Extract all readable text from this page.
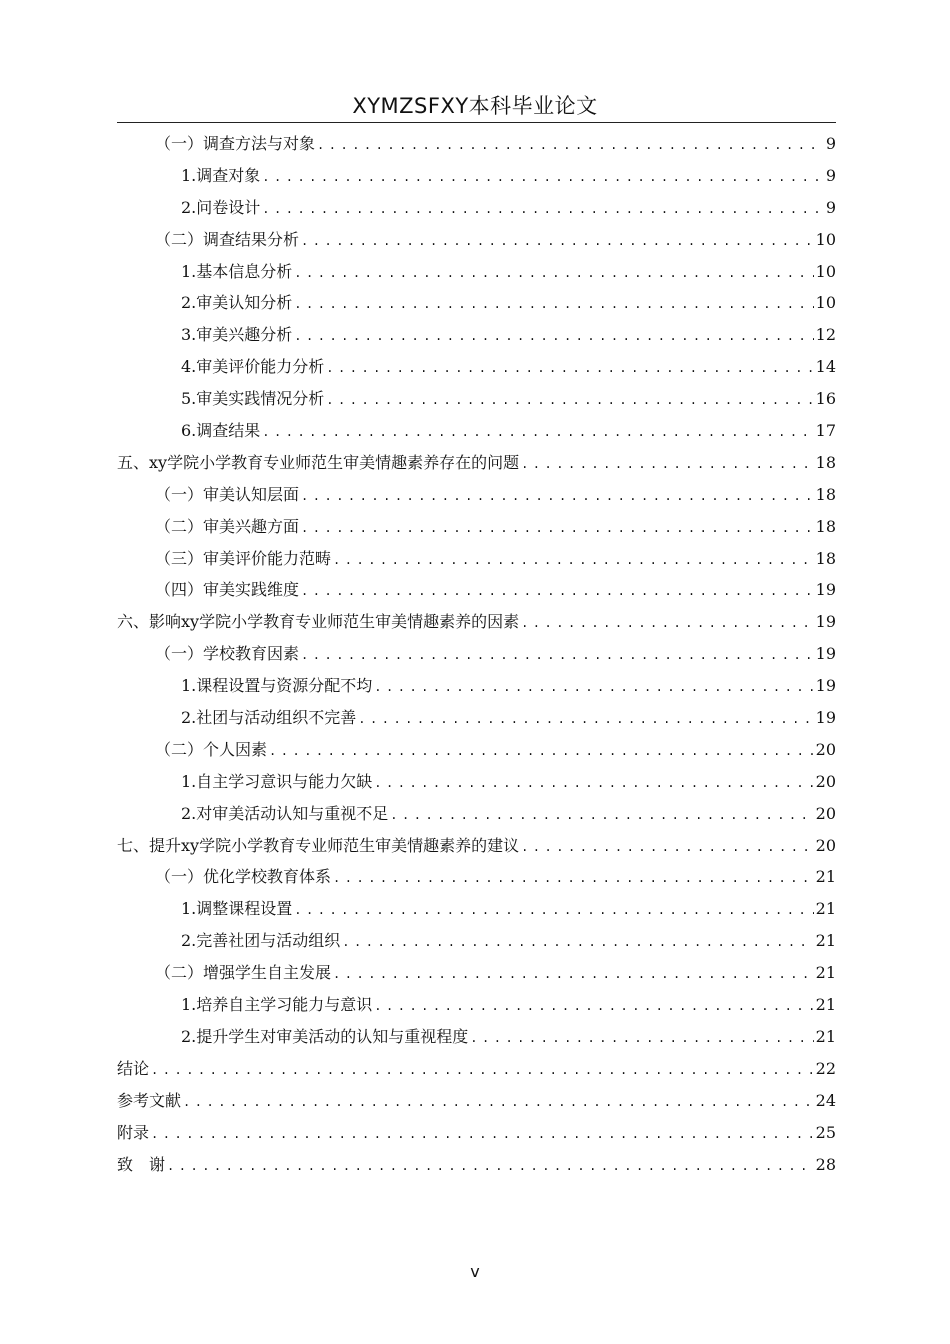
XYMZSFXY本科毕业论文
（一）调查方法与对象 .....	9
1.调查对象 .....	9
2.问卷设计 .....	9
（二）调查结果分析 .....	10
1.基本信息分析 .....	10
2.审美认知分析 .....	10
3.审美兴趣分析 .....	12
4.审美评价能力分析 .....	14
5.审美实践情况分析 .....	16
6.调查结果 .....	17
五、xy学院小学教育专业师范生审美情趣素养存在的问题 .....	18
（一）审美认知层面 .....	18
（二）审美兴趣方面 .....	18
（三）审美评价能力范畴 .....	18
（四）审美实践维度 .....	19
六、影响xy学院小学教育专业师范生审美情趣素养的因素 .....	19
（一）学校教育因素 .....	19
1.课程设置与资源分配不均 .....	19
2.社团与活动组织不完善 .....	19
（二）个人因素 .....	20
1.自主学习意识与能力欠缺 .....	20
2.对审美活动认知与重视不足 .....	20
七、提升xy学院小学教育专业师范生审美情趣素养的建议 .....	20
（一）优化学校教育体系 .....	21
1.调整课程设置 .....	21
2.完善社团与活动组织 .....	21
（二）增强学生自主发展 .....	21
1.培养自主学习能力与意识 .....	21
2.提升学生对审美活动的认知与重视程度 .....	21
结论 .....	22
参考文献 .....	24
附录 .....	25
致　谢 .....	28
v
